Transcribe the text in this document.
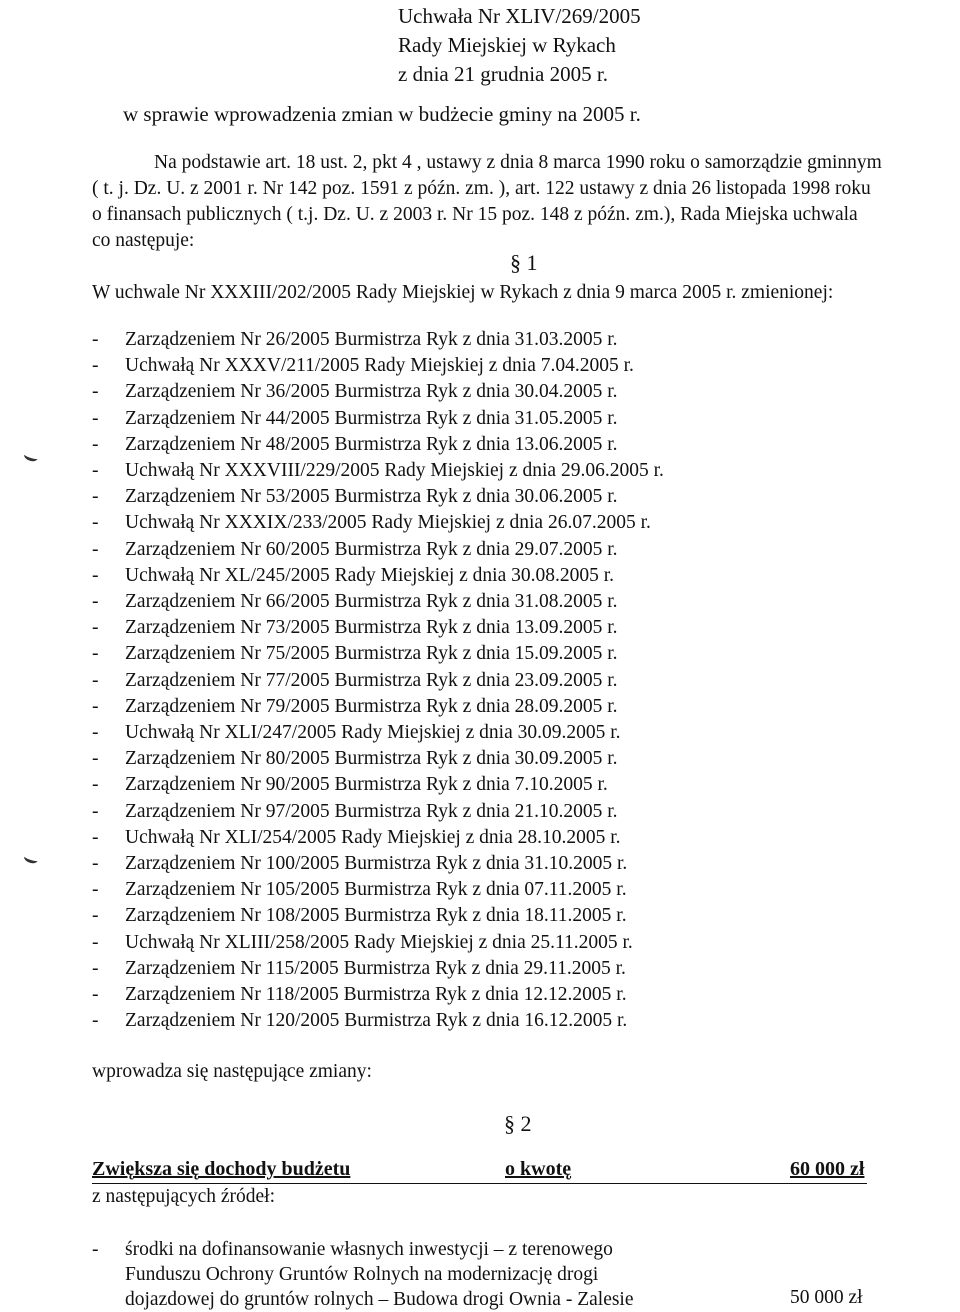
Uchwała Nr XLIV/269/2005
Rady Miejskiej w Rykach
z dnia 21 grudnia 2005 r.
w sprawie wprowadzenia zmian w budżecie gminy na 2005 r.
Na podstawie art. 18 ust. 2, pkt 4 , ustawy z dnia 8 marca 1990 roku o samorządzie gminnym
( t. j. Dz. U. z 2001 r. Nr 142 poz. 1591 z późn. zm. ), art. 122 ustawy z dnia 26 listopada 1998 roku
o finansach publicznych ( t.j. Dz. U. z 2003 r. Nr 15 poz. 148 z późn. zm.), Rada Miejska uchwala
co następuje:
§ 1
W uchwale Nr XXXIII/202/2005 Rady Miejskiej w Rykach z dnia 9 marca 2005 r. zmienionej:
- Zarządzeniem Nr 26/2005 Burmistrza Ryk z dnia 31.03.2005 r.
- Uchwałą Nr XXXV/211/2005 Rady Miejskiej z dnia 7.04.2005 r.
- Zarządzeniem Nr 36/2005 Burmistrza Ryk z dnia 30.04.2005 r.
- Zarządzeniem Nr 44/2005 Burmistrza Ryk z dnia 31.05.2005 r.
- Zarządzeniem Nr 48/2005 Burmistrza Ryk z dnia 13.06.2005 r.
- Uchwałą Nr XXXVIII/229/2005 Rady Miejskiej z dnia 29.06.2005 r.
- Zarządzeniem Nr 53/2005 Burmistrza Ryk z dnia 30.06.2005 r.
- Uchwałą Nr XXXIX/233/2005 Rady Miejskiej z dnia 26.07.2005 r.
- Zarządzeniem Nr 60/2005 Burmistrza Ryk z dnia 29.07.2005 r.
- Uchwałą Nr XL/245/2005 Rady Miejskiej z dnia 30.08.2005 r.
- Zarządzeniem Nr 66/2005 Burmistrza Ryk z dnia 31.08.2005 r.
- Zarządzeniem Nr 73/2005 Burmistrza Ryk z dnia 13.09.2005 r.
- Zarządzeniem Nr 75/2005 Burmistrza Ryk z dnia 15.09.2005 r.
- Zarządzeniem Nr 77/2005 Burmistrza Ryk z dnia 23.09.2005 r.
- Zarządzeniem Nr 79/2005 Burmistrza Ryk z dnia 28.09.2005 r.
- Uchwałą Nr XLI/247/2005 Rady Miejskiej z dnia 30.09.2005 r.
- Zarządzeniem Nr 80/2005 Burmistrza Ryk z dnia 30.09.2005 r.
- Zarządzeniem Nr 90/2005 Burmistrza Ryk z dnia 7.10.2005 r.
- Zarządzeniem Nr 97/2005 Burmistrza Ryk z dnia 21.10.2005 r.
- Uchwałą Nr XLI/254/2005 Rady Miejskiej z dnia 28.10.2005 r.
- Zarządzeniem Nr 100/2005 Burmistrza Ryk z dnia 31.10.2005 r.
- Zarządzeniem Nr 105/2005 Burmistrza Ryk z dnia 07.11.2005 r.
- Zarządzeniem Nr 108/2005 Burmistrza Ryk z dnia 18.11.2005 r.
- Uchwałą Nr XLIII/258/2005 Rady Miejskiej z dnia 25.11.2005 r.
- Zarządzeniem Nr 115/2005 Burmistrza Ryk z dnia 29.11.2005 r.
- Zarządzeniem Nr 118/2005 Burmistrza Ryk z dnia 12.12.2005 r.
- Zarządzeniem Nr 120/2005 Burmistrza Ryk z dnia 16.12.2005 r.
wprowadza się następujące zmiany:
§ 2
Zwiększa się dochody budżetu	o kwotę	60 000 zł
z następujących źródeł:
- środki na dofinansowanie własnych inwestycji – z terenowego
Funduszu Ochrony Gruntów Rolnych na modernizację drogi
dojazdowej do gruntów rolnych – Budowa drogi Ownia - Zalesie	50 000 zł
